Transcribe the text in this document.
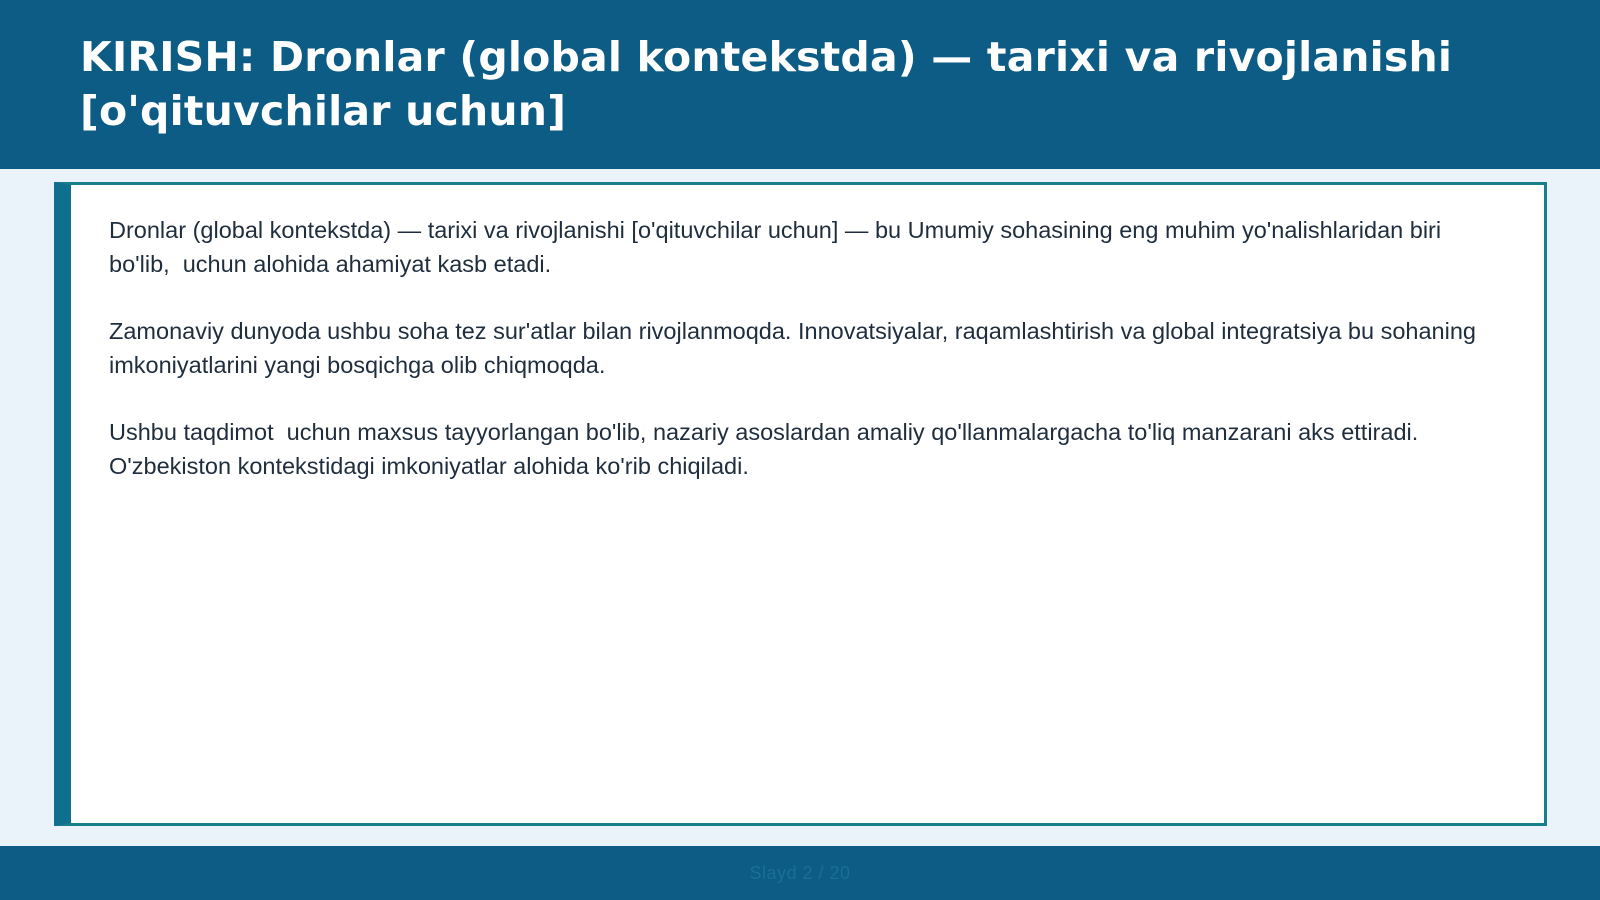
KIRISH: Dronlar (global kontekstda) — tarixi va rivojlanishi [o'qituvchilar uchun]

Dronlar (global kontekstda) — tarixi va rivojlanishi [o'qituvchilar uchun] — bu Umumiy sohasining eng muhim yo'nalishlaridan biri bo'lib,  uchun alohida ahamiyat kasb etadi.

Zamonaviy dunyoda ushbu soha tez sur'atlar bilan rivojlanmoqda. Innovatsiyalar, raqamlashtirish va global integratsiya bu sohaning imkoniyatlarini yangi bosqichga olib chiqmoqda.

Ushbu taqdimot  uchun maxsus tayyorlangan bo'lib, nazariy asoslardan amaliy qo'llanmalargacha to'liq manzarani aks ettiradi. O'zbekiston kontekstidagi imkoniyatlar alohida ko'rib chiqiladi.

Slayd 2 / 20
